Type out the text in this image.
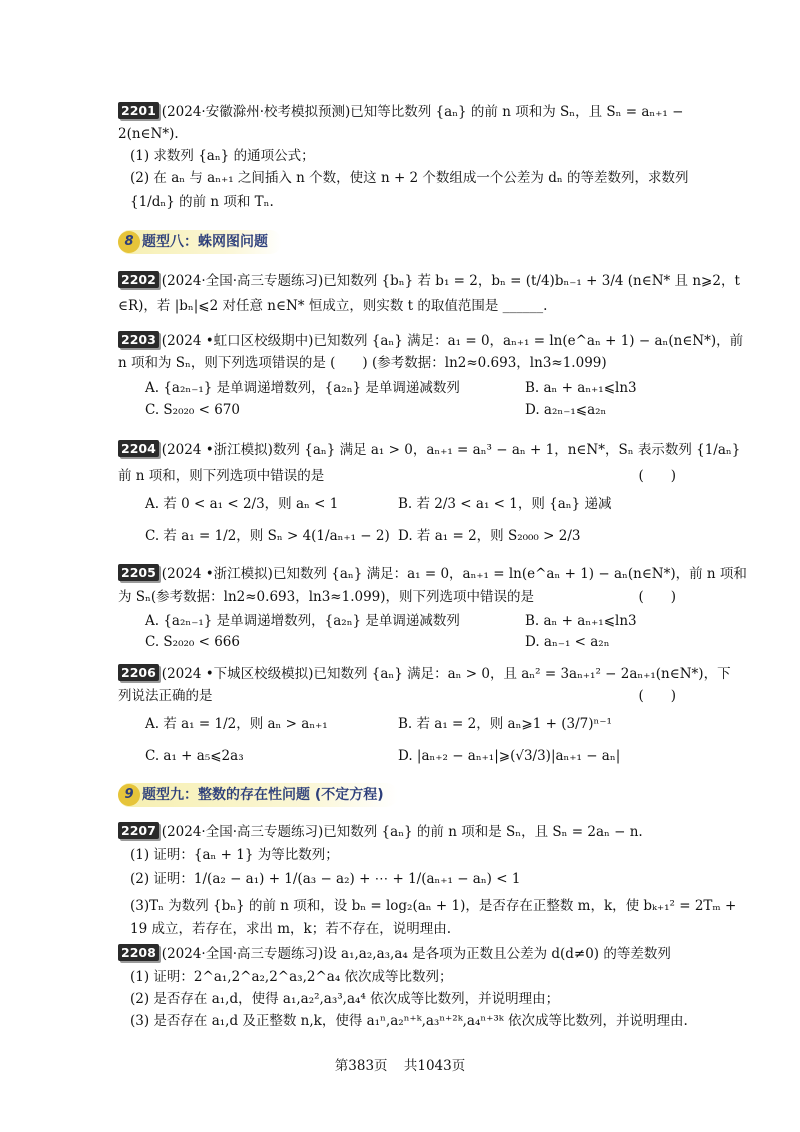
2201 (2024·安徽滁州·校考模拟预测)已知等比数列 {aₙ} 的前 n 项和为 Sₙ，且 Sₙ = aₙ₊₁ −
2(n∈N*).
(1) 求数列 {aₙ} 的通项公式；
(2) 在 aₙ 与 aₙ₊₁ 之间插入 n 个数，使这 n + 2 个数组成一个公差为 dₙ 的等差数列，求数列
{1/dₙ} 的前 n 项和 Tₙ.
8 题型八：蛛网图问题
2202 (2024·全国·高三专题练习)已知数列 {bₙ} 若 b₁ = 2，bₙ = (t/4)bₙ₋₁ + 3/4 (n∈N* 且 n⩾2，t
∈R)，若 |bₙ|⩽2 对任意 n∈N* 恒成立，则实数 t 的取值范围是 ______.
2203 (2024 •虹口区校级期中)已知数列 {aₙ} 满足：a₁ = 0，aₙ₊₁ = ln(e^aₙ + 1) − aₙ(n∈N*)，前
n 项和为 Sₙ，则下列选项错误的是 (　　) (参考数据：ln2≈0.693，ln3≈1.099)
A. {a₂ₙ₋₁} 是单调递增数列，{a₂ₙ} 是单调递减数列	B. aₙ + aₙ₊₁⩽ln3
C. S₂₀₂₀ < 670	D. a₂ₙ₋₁⩽a₂ₙ
2204 (2024 •浙江模拟)数列 {aₙ} 满足 a₁ > 0，aₙ₊₁ = aₙ³ − aₙ + 1，n∈N*，Sₙ 表示数列 {1/aₙ}
前 n 项和，则下列选项中错误的是	(　　)
A. 若 0 < a₁ < 2/3，则 aₙ < 1	B. 若 2/3 < a₁ < 1，则 {aₙ} 递减
C. 若 a₁ = 1/2，则 Sₙ > 4(1/aₙ₊₁ − 2) D. 若 a₁ = 2，则 S₂₀₀₀ > 2/3
2205 (2024 •浙江模拟)已知数列 {aₙ} 满足：a₁ = 0，aₙ₊₁ = ln(e^aₙ + 1) − aₙ(n∈N*)，前 n 项和
为 Sₙ(参考数据：ln2≈0.693，ln3≈1.099)，则下列选项中错误的是	(　　)
A. {a₂ₙ₋₁} 是单调递增数列，{a₂ₙ} 是单调递减数列	B. aₙ + aₙ₊₁⩽ln3
C. S₂₀₂₀ < 666	D. aₙ₋₁ < a₂ₙ
2206 (2024 •下城区校级模拟)已知数列 {aₙ} 满足：aₙ > 0，且 aₙ² = 3aₙ₊₁² − 2aₙ₊₁(n∈N*)，下
列说法正确的是	(　　)
A. 若 a₁ = 1/2，则 aₙ > aₙ₊₁	B. 若 a₁ = 2，则 aₙ⩾1 + (3/7)ⁿ⁻¹
C. a₁ + a₅⩽2a₃	D. |aₙ₊₂ − aₙ₊₁|⩾(√3/3)|aₙ₊₁ − aₙ|
9 题型九：整数的存在性问题 (不定方程)
2207 (2024·全国·高三专题练习)已知数列 {aₙ} 的前 n 项和是 Sₙ，且 Sₙ = 2aₙ − n.
(1) 证明：{aₙ + 1} 为等比数列；
(2) 证明：1/(a₂ − a₁) + 1/(a₃ − a₂) + ⋯ + 1/(aₙ₊₁ − aₙ) < 1
(3)Tₙ 为数列 {bₙ} 的前 n 项和，设 bₙ = log₂(aₙ + 1)，是否存在正整数 m，k，使 bₖ₊₁² = 2Tₘ +
19 成立，若存在，求出 m，k；若不存在，说明理由.
2208 (2024·全国·高三专题练习)设 a₁,a₂,a₃,a₄ 是各项为正数且公差为 d(d≠0) 的等差数列
(1) 证明：2^a₁,2^a₂,2^a₃,2^a₄ 依次成等比数列；
(2) 是否存在 a₁,d，使得 a₁,a₂²,a₃³,a₄⁴ 依次成等比数列，并说明理由；
(3) 是否存在 a₁,d 及正整数 n,k，使得 a₁ⁿ,a₂ⁿ⁺ᵏ,a₃ⁿ⁺²ᵏ,a₄ⁿ⁺³ᵏ 依次成等比数列，并说明理由.
第383页 共1043页
